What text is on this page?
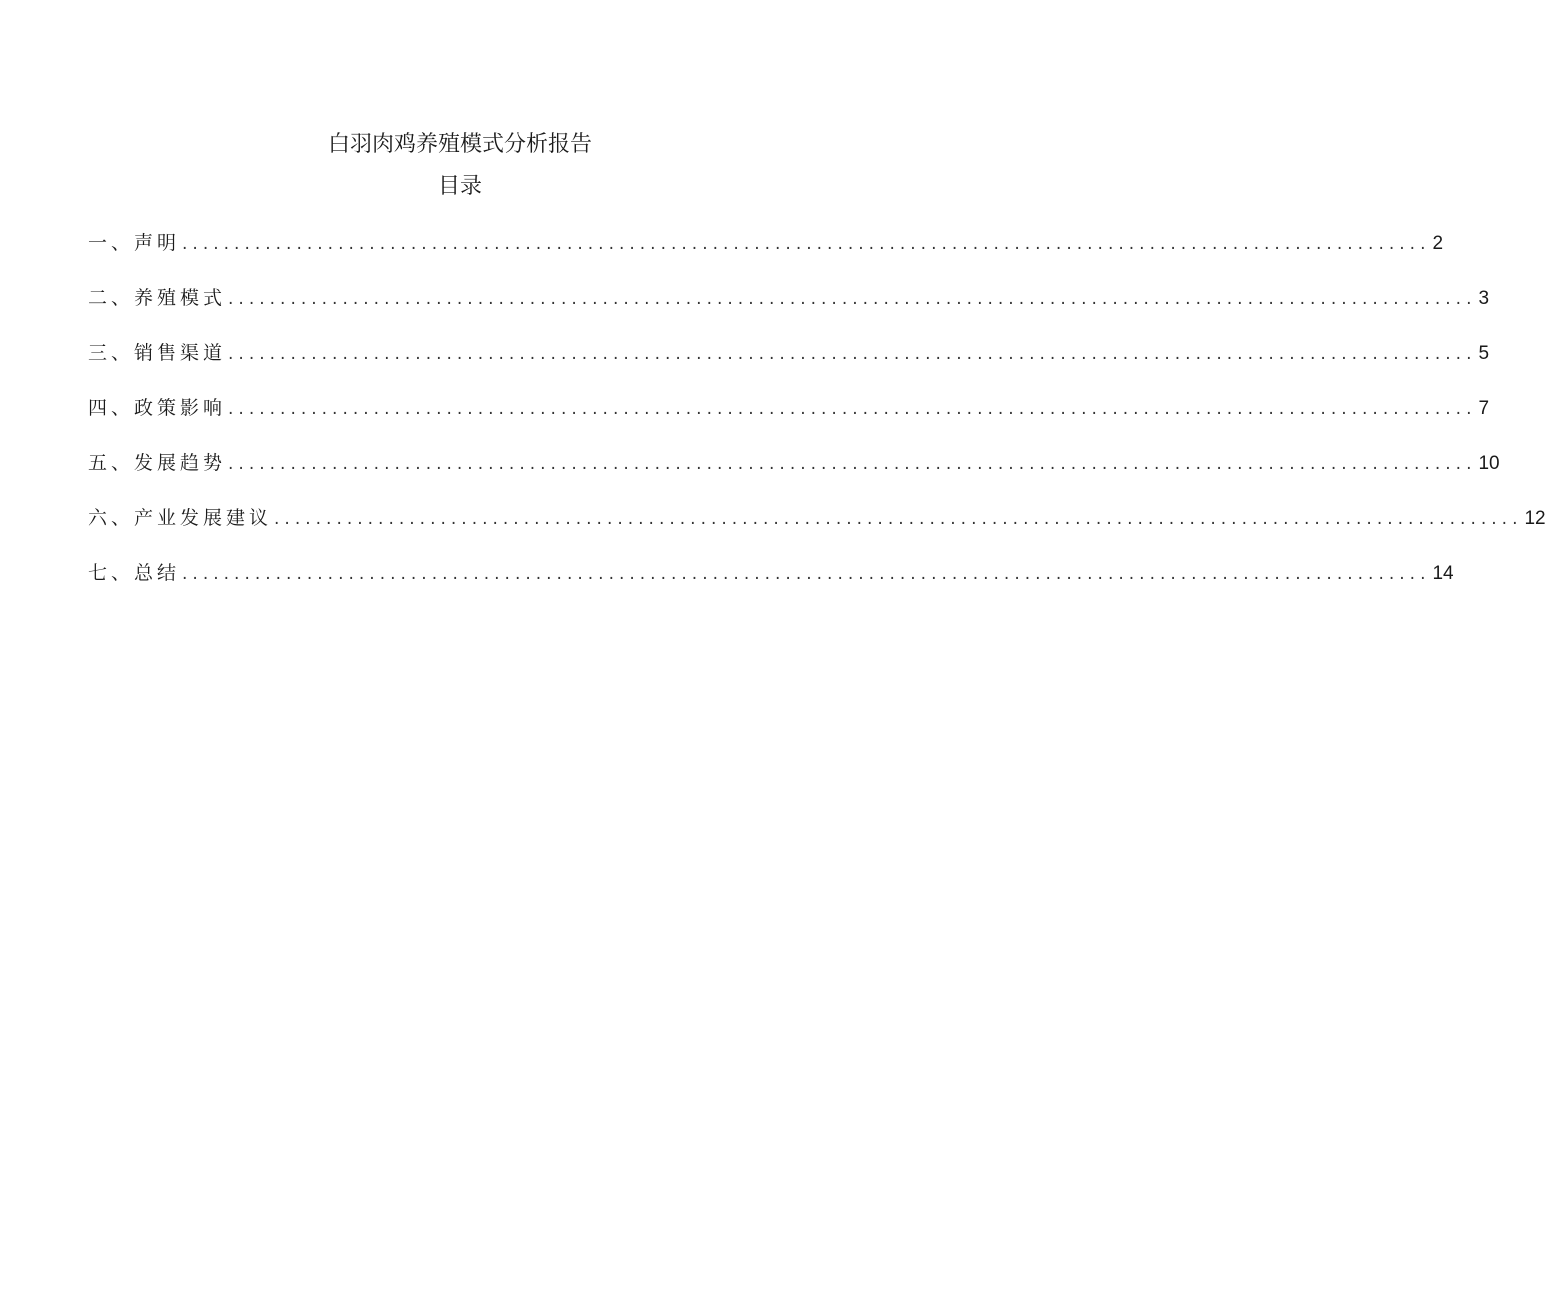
白羽肉鸡养殖模式分析报告
目录
一、声明 ........................................................................................................................ 2
二、养殖模式 ........................................................................................................................ 3
三、销售渠道 ........................................................................................................................ 5
四、政策影响 ........................................................................................................................ 7
五、发展趋势 ........................................................................................................................ 10
六、产业发展建议 ........................................................................................................................ 12
七、总结 ........................................................................................................................ 14
